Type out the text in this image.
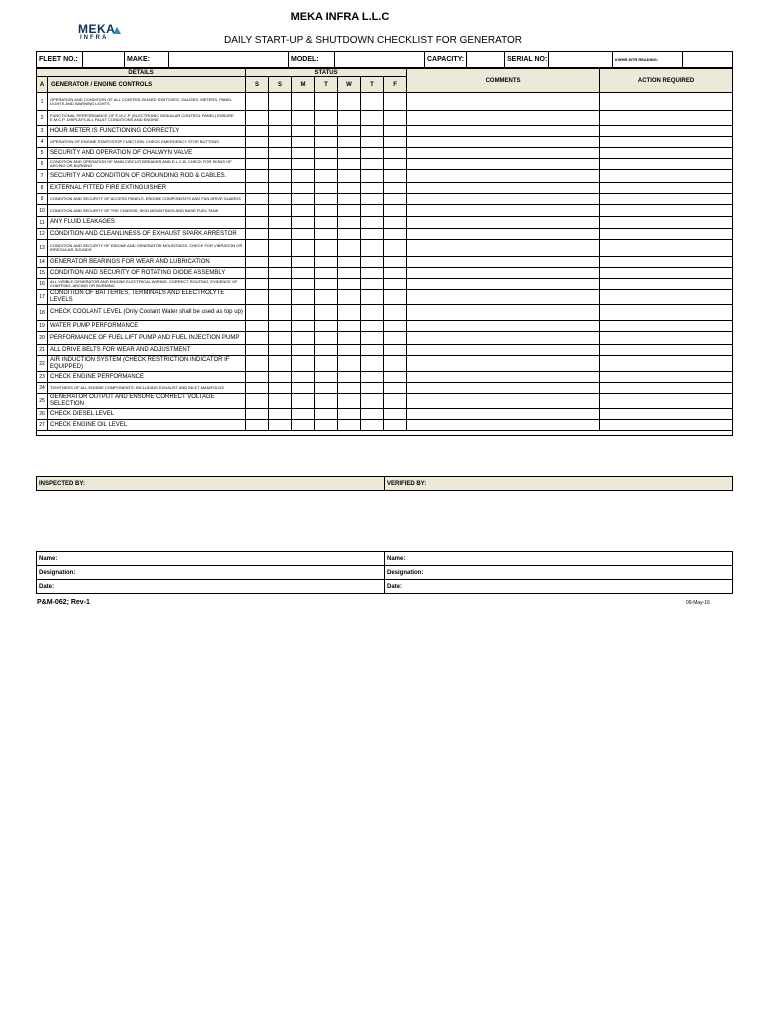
MEKA
INFRA
MEKA INFRA L.L.C
DAILY START-UP & SHUTDOWN CHECKLIST FOR GENERATOR
FLEET NO.:		MAKE:		MODEL:		CAPACITY:		SERIAL NO:		KWHR MTR READING:	
DETAILS		STATUS							COMMENTS	ACTION REQUIRED
A	GENERATOR / ENGINE CONTROLS	S	S	M	T	W	T	F		
1	OPERATION AND CONDITION OF ALL CONTROL BOARD SWITCHES, GAUGES, METERS, PANEL LIGHTS AND WARNING LIGHTS									
2	FUNCTIONAL PERFORMANCE OF E.M.C.P. (ELECTRONIC MODULAR CONTROL PANEL) ENSURE E.M.C.P. DISPLAYS ALL FAULT CONDITIONS AND ENGINE									
3	HOUR METER IS FUNCTIONING CORRECTLY									
4	OPERATION OF ENGINE START/STOP FUNCTION. CHECK EMERGENCY STOP BUTTONS									
5	SECURITY AND OPERATION OF CHALWYN VALVE									
6	CONDITION AND OPERATION OF MAIN CIRCUIT BREAKER AND E.L.C.B. CHECK FOR SIGNS OF ARCING OR BURNING									
7	SECURITY AND CONDITION OF GROUNDING ROD & CABLES.									
8	EXTERNAL FITTED FIRE EXTINGUISHER									
9	CONDITION AND SECURITY OF ACCESS PANELS, ENGINE COMPONENTS AND FAN DRIVE GUARDS									
10	CONDITION AND SECURITY OF THE CHASSIS, SKID MOUNTINGS AND BASE FUEL TANK									
11	ANY FLUID LEAKAGES									
12	CONDITION AND CLEANLINESS OF EXHAUST SPARK ARRESTOR									
13	CONDITION AND SECURITY OF ENGINE AND GENERATOR MOUNTINGS. CHECK FOR VIBRATION OR IRREGULAR SOUNDS									
14	GENERATOR BEARINGS FOR WEAR AND LUBRICATION									
15	CONDITION AND SECURITY OF ROTATING DIODE ASSEMBLY									
16	ALL VISIBLE GENERATOR AND ENGINE ELECTRICAL WIRING. CORRECT ROUTING, EVIDENCE OF CHAFFING, ARCING OR BURNING									
17	CONDITION OF BATTERIES, TERMINALS AND ELECTROLYTE LEVELS									
18	CHECK COOLANT LEVEL (Only Coolant Water shall be used as top up)									
19	WATER PUMP PERFORMANCE									
20	PERFORMANCE OF FUEL LIFT PUMP AND FUEL INJECTION PUMP									
21	ALL DRIVE BELTS FOR WEAR AND ADJUSTMENT									
22	AIR INDUCTION SYSTEM (CHECK RESTRICTION INDICATOR IF EQUIPPED)									
23	CHECK ENGINE PERFORMANCE									
24	TIGHTNESS OF ALL ENGINE COMPONENTS, INCLUDING EXHAUST AND INLET MANIFOLDS									
25	GENERATOR OUTPUT AND ENSURE CORRECT VOLTAGE SELECTION									
26	CHECK DIESEL LEVEL									
27	CHECK ENGINE OIL LEVEL									

INSPECTED BY:	VERIFIED BY:
Name:	Name:
Designation:	Designation:
Date:	Date:
P&M-062; Rev-1	09-May-16
